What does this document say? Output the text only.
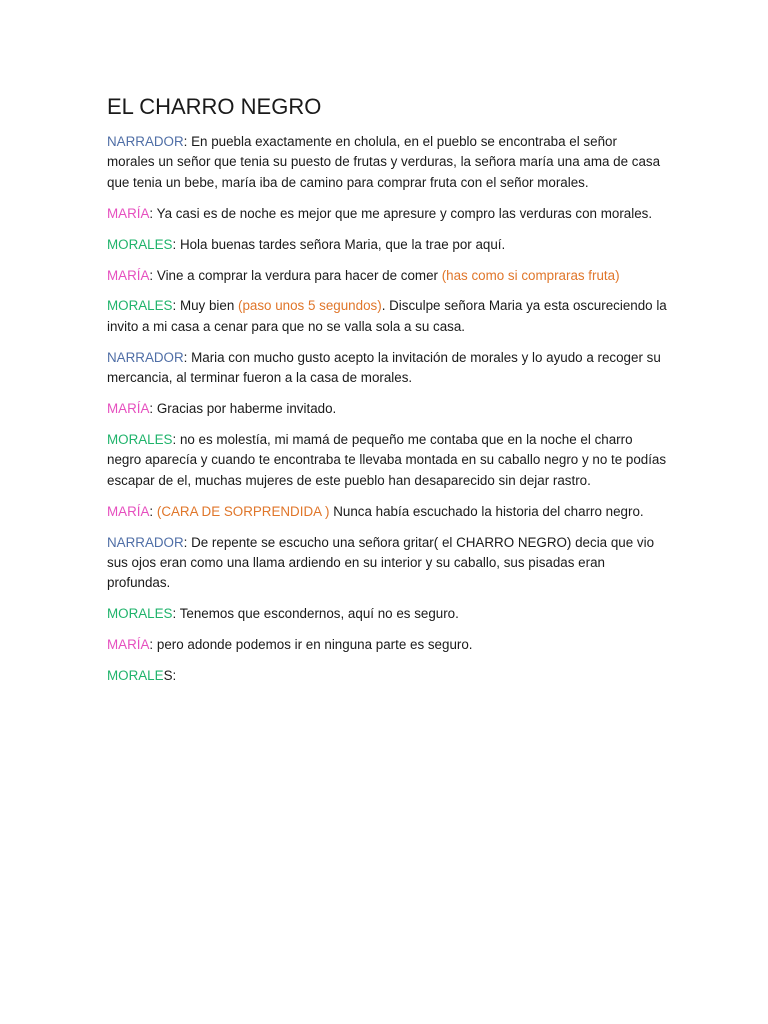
EL CHARRO NEGRO

NARRADOR: En puebla exactamente en cholula, en el pueblo se encontraba el señor morales un señor que tenia su puesto de frutas y verduras, la señora maría una ama de casa que tenia un bebe, maría iba de camino para comprar fruta con el señor morales.

MARÍA: Ya casi es de noche es mejor que me apresure y compro las verduras con morales.

MORALES: Hola buenas tardes señora Maria, que la trae por aquí.

MARÍA: Vine a comprar la verdura para hacer de comer (has como si compraras fruta)

MORALES: Muy bien (paso unos 5 segundos). Disculpe señora Maria ya esta oscureciendo la invito a mi casa a cenar para que no se valla sola a su casa.

NARRADOR: Maria con mucho gusto acepto la invitación de morales y lo ayudo a recoger su mercancia, al terminar fueron a la casa de morales.

MARÍA: Gracias por haberme invitado.

MORALES: no es molestía, mi mamá de pequeño me contaba que en la noche el charro negro aparecía y cuando te encontraba te llevaba montada en su caballo negro y no te podías escapar de el, muchas mujeres de este pueblo han desaparecido sin dejar rastro.

MARÍA: (CARA DE SORPRENDIDA ) Nunca había escuchado la historia del charro negro.

NARRADOR: De repente se escucho una señora gritar( el CHARRO NEGRO) decia que vio sus ojos eran como una llama ardiendo en su interior y su caballo, sus pisadas eran profundas.

MORALES: Tenemos que escondernos, aquí no es seguro.

MARÍA: pero adonde podemos ir en ninguna parte es seguro.

MORALES:
